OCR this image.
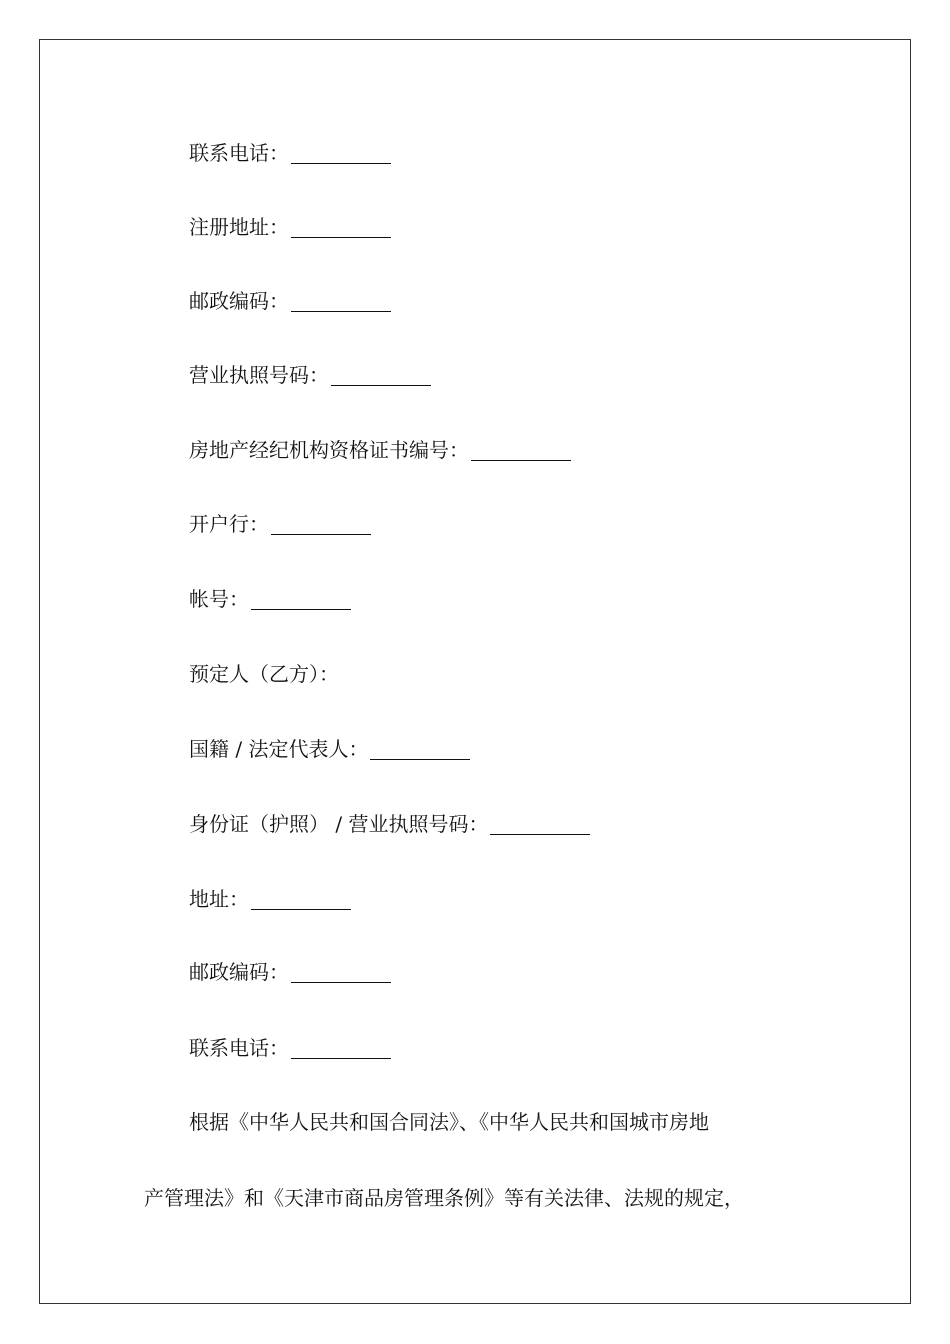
联系电话：
注册地址：
邮政编码：
营业执照号码：
房地产经纪机构资格证书编号：
开户行：
帐号：
预定人（乙方）：
国籍 / 法定代表人：
身份证（护照） / 营业执照号码：
地址：
邮政编码：
联系电话：
根据《中华人民共和国合同法》、《中华人民共和国城市房地
产管理法》和《天津市商品房管理条例》等有关法律、法规的规定，
